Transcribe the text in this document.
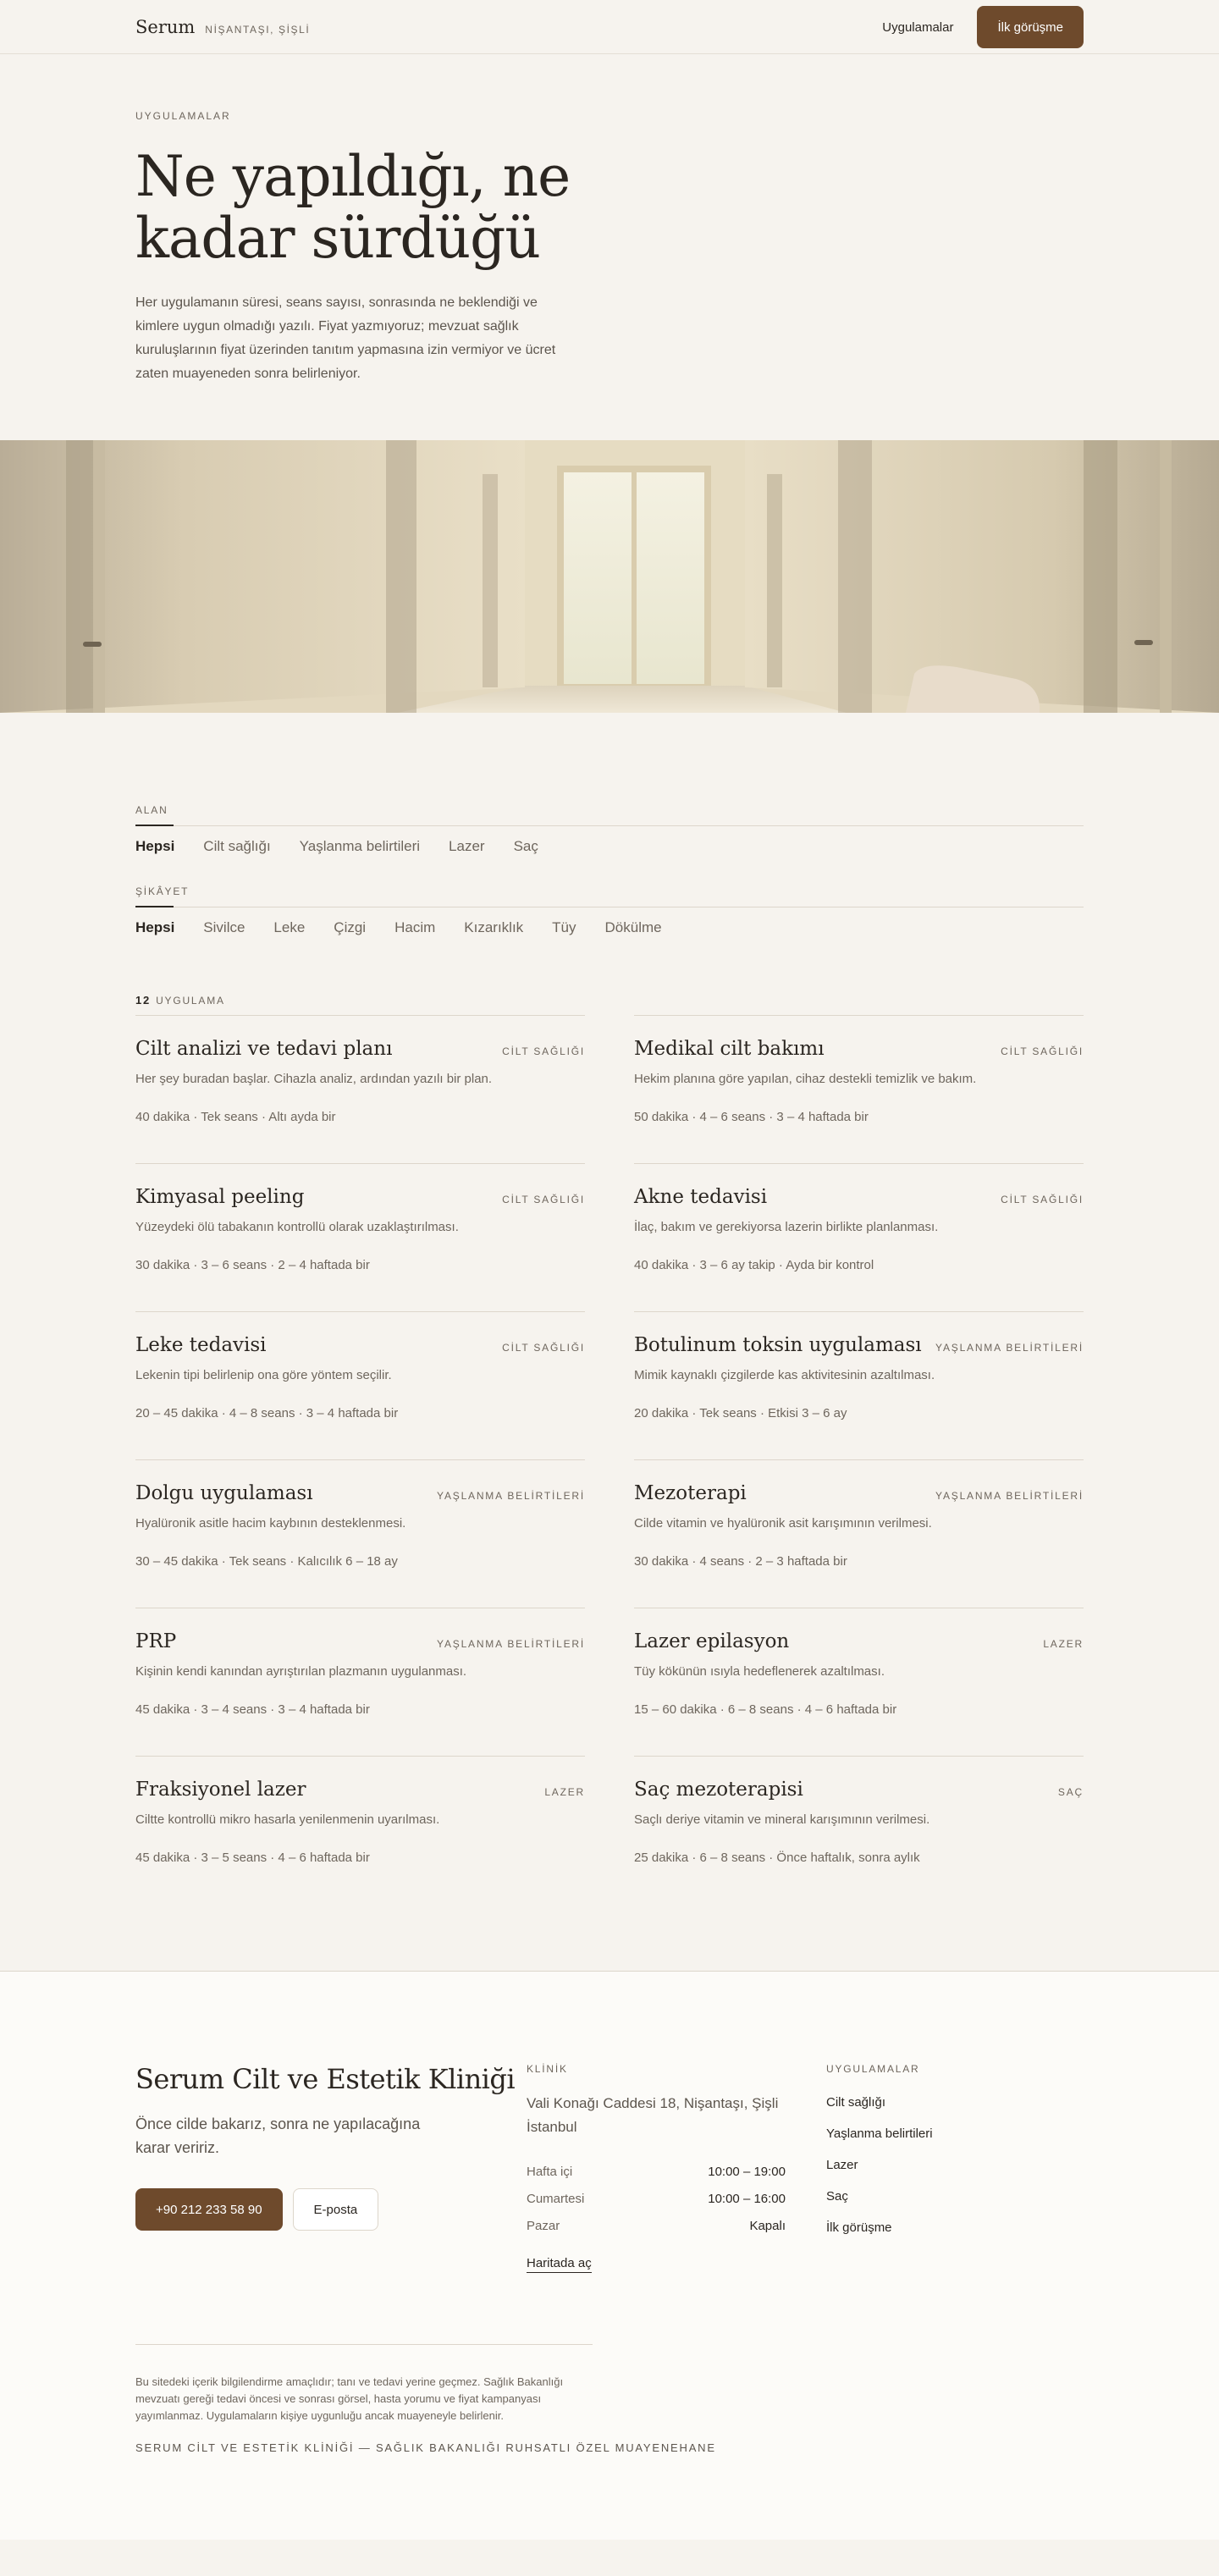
Serum NİŞANTAŞI, ŞİŞLİ	Uygulamalar	İlk görüşme
UYGULAMALAR
Ne yapıldığı, ne
kadar sürdüğü

Her uygulamanın süresi, seans sayısı, sonrasında ne beklendiği ve kimlere uygun olmadığı yazılı. Fiyat yazmıyoruz; mevzuat sağlık kuruluşlarının fiyat üzerinden tanıtım yapmasına izin vermiyor ve ücret zaten muayeneden sonra belirleniyor.

ALAN
Hepsi Cilt sağlığı Yaşlanma belirtileri Lazer Saç
ŞİKÂYET
Hepsi Sivilce Leke Çizgi Hacim Kızarıklık Tüy Dökülme
12 UYGULAMA
Cilt analizi ve tedavi planı	CİLT SAĞLIĞI

Her şey buradan başlar. Cihazla analiz, ardından yazılı bir plan.

40 dakika · Tek seans · Altı ayda bir

Medikal cilt bakımı	CİLT SAĞLIĞI

Hekim planına göre yapılan, cihaz destekli temizlik ve bakım.

50 dakika · 4 – 6 seans · 3 – 4 haftada bir

Kimyasal peeling	CİLT SAĞLIĞI

Yüzeydeki ölü tabakanın kontrollü olarak uzaklaştırılması.

30 dakika · 3 – 6 seans · 2 – 4 haftada bir

Akne tedavisi	CİLT SAĞLIĞI

İlaç, bakım ve gerekiyorsa lazerin birlikte planlanması.

40 dakika · 3 – 6 ay takip · Ayda bir kontrol

Leke tedavisi	CİLT SAĞLIĞI

Lekenin tipi belirlenip ona göre yöntem seçilir.

20 – 45 dakika · 4 – 8 seans · 3 – 4 haftada bir

Botulinum toksin uygulaması YAŞLANMA BELİRTİLERİ

Mimik kaynaklı çizgilerde kas aktivitesinin azaltılması.

20 dakika · Tek seans · Etkisi 3 – 6 ay

Dolgu uygulaması	YAŞLANMA BELİRTİLERİ

Hyalüronik asitle hacim kaybının desteklenmesi.

30 – 45 dakika · Tek seans · Kalıcılık 6 – 18 ay

Mezoterapi	YAŞLANMA BELİRTİLERİ

Cilde vitamin ve hyalüronik asit karışımının verilmesi.

30 dakika · 4 seans · 2 – 3 haftada bir

PRP	YAŞLANMA BELİRTİLERİ

Kişinin kendi kanından ayrıştırılan plazmanın uygulanması.

45 dakika · 3 – 4 seans · 3 – 4 haftada bir

Lazer epilasyon	LAZER

Tüy kökünün ısıyla hedeflenerek azaltılması.

15 – 60 dakika · 6 – 8 seans · 4 – 6 haftada bir

Fraksiyonel lazer	LAZER

Ciltte kontrollü mikro hasarla yenilenmenin uyarılması.

45 dakika · 3 – 5 seans · 4 – 6 haftada bir

Saç mezoterapisi	SAÇ

Saçlı deriye vitamin ve mineral karışımının verilmesi.

25 dakika · 6 – 8 seans · Önce haftalık, sonra aylık

Serum Cilt ve Estetik Kliniği

Önce cilde bakarız, sonra ne yapılacağına karar veririz.

+90 212 233 58 90	E-posta
KLİNİK

Vali Konağı Caddesi 18, Nişantaşı, Şişli İstanbul

Hafta içi	10:00 – 19:00
Cumartesi	10:00 – 16:00
Pazar	Kapalı
Haritada aç
UYGULAMALAR
Cilt sağlığı
Yaşlanma belirtileri
Lazer
Saç
İlk görüşme

Bu sitedeki içerik bilgilendirme amaçlıdır; tanı ve tedavi yerine geçmez. Sağlık Bakanlığı mevzuatı gereği tedavi öncesi ve sonrası görsel, hasta yorumu ve fiyat kampanyası yayımlanmaz. Uygulamaların kişiye uygunluğu ancak muayeneyle belirlenir.

SERUM CİLT VE ESTETİK KLİNİĞİ — SAĞLIK BAKANLIĞI RUHSATLI ÖZEL MUAYENEHANE
